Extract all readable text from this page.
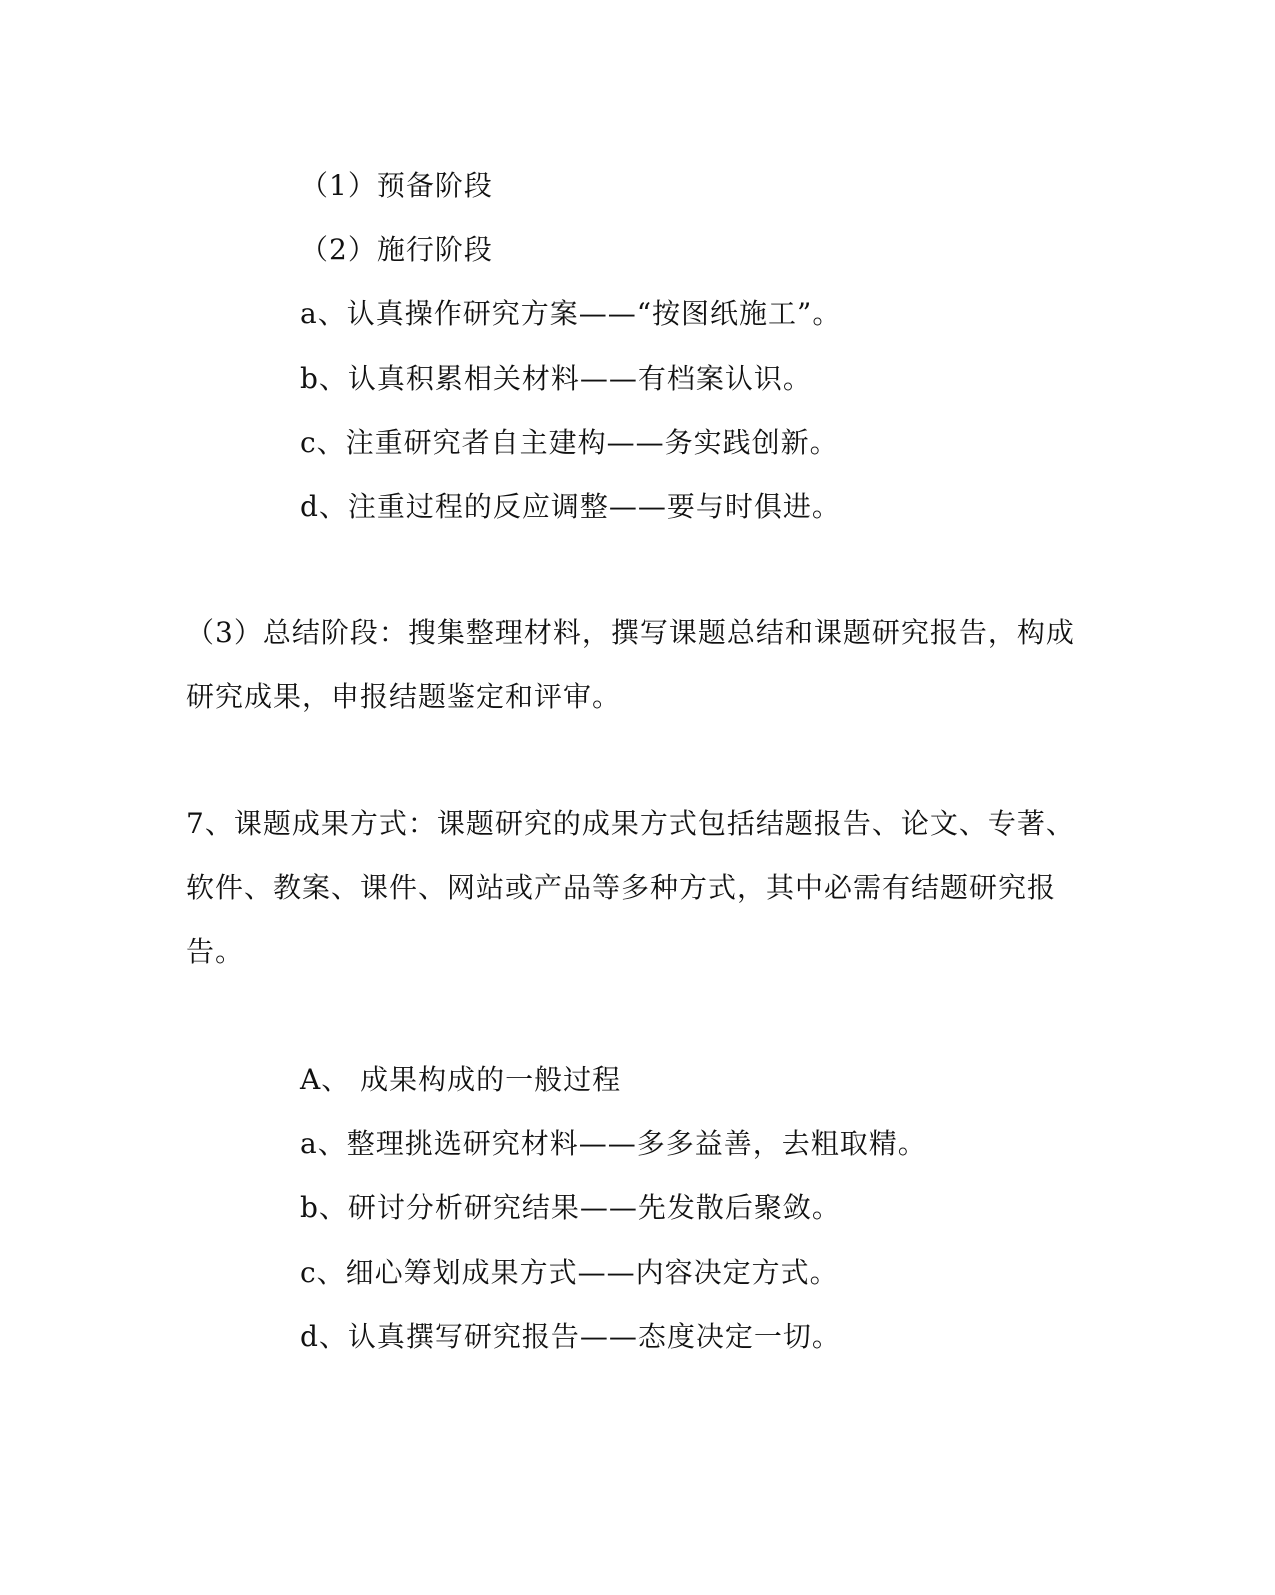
（1）预备阶段
（2）施行阶段
a、认真操作研究方案——“按图纸施工”。
b、认真积累相关材料——有档案认识。
c、注重研究者自主建构——务实践创新。
d、注重过程的反应调整——要与时俱进。
（3）总结阶段：搜集整理材料，撰写课题总结和课题研究报告，构成
研究成果，申报结题鉴定和评审。
7、课题成果方式：课题研究的成果方式包括结题报告、论文、专著、
软件、教案、课件、网站或产品等多种方式，其中必需有结题研究报
告。
A、 成果构成的一般过程
a、整理挑选研究材料——多多益善，去粗取精。
b、研讨分析研究结果——先发散后聚敛。
c、细心筹划成果方式——内容决定方式。
d、认真撰写研究报告——态度决定一切。
